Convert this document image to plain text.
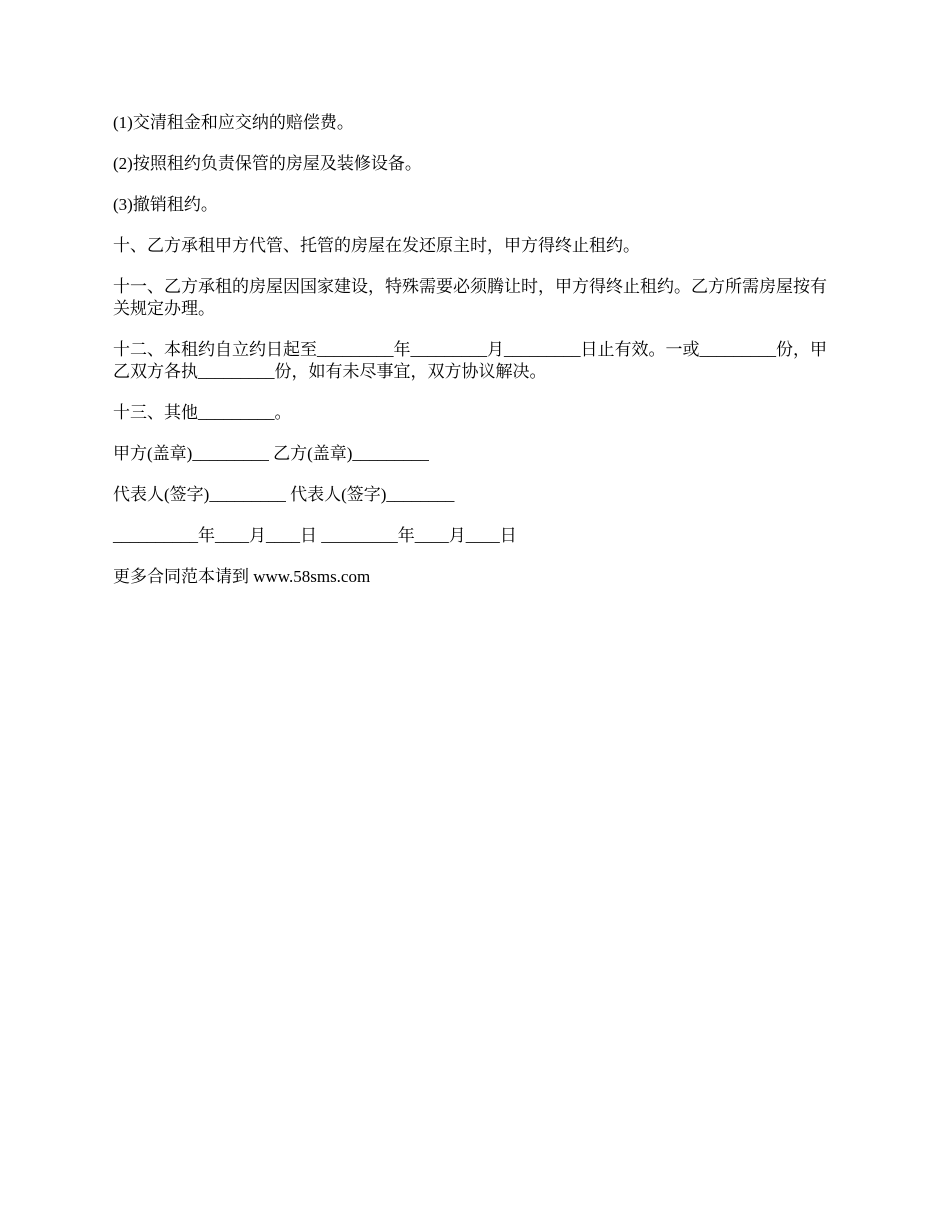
(1)交清租金和应交纳的赔偿费。

(2)按照租约负责保管的房屋及装修设备。

(3)撤销租约。

十、乙方承租甲方代管、托管的房屋在发还原主时，甲方得终止租约。

十一、乙方承租的房屋因国家建设，特殊需要必须腾让时，甲方得终止租约。乙方所需房屋按有关规定办理。

十二、本租约自立约日起至_________年_________月_________日止有效。一或_________份，甲乙双方各执_________份，如有未尽事宜，双方协议解决。

十三、其他_________。

甲方(盖章)_________ 乙方(盖章)_________

代表人(签字)_________ 代表人(签字)________

__________年____月____日 _________年____月____日

更多合同范本请到 www.58sms.com
